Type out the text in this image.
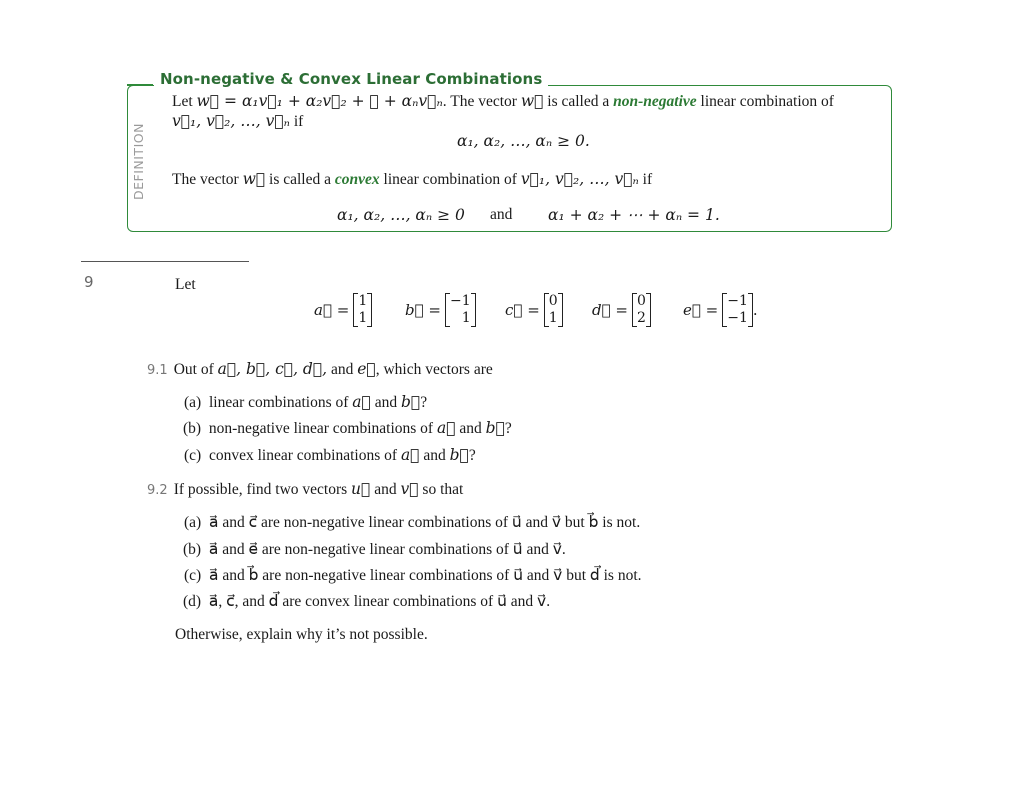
Non-negative & Convex Linear Combinations
DEFINITION
Let w⃗ = α₁v⃗₁ + α₂v⃗₂ + ⋯ + αₙv⃗ₙ. The vector w⃗ is called a non-negative linear combination of
v⃗₁, v⃗₂, …, v⃗ₙ if
α₁, α₂, …, αₙ ≥ 0.
The vector w⃗ is called a convex linear combination of v⃗₁, v⃗₂, …, v⃗ₙ if
α₁, α₂, …, αₙ ≥ 0 and α₁ + α₂ + ⋯ + αₙ = 1.
9	Let
a⃗
= 1
1	b⃗
= −1
1 c⃗
= 0
1 d⃗
= 0
2 e⃗
= −1
−1 .
9.1 Out of a⃗, b⃗, c⃗, d⃗, and e⃗, which vectors are
(a) linear combinations of a⃗ and b⃗?
(b) non-negative linear combinations of a⃗ and b⃗?
(c) convex linear combinations of a⃗ and b⃗?
9.2 If possible, find two vectors u⃗ and v⃗ so that
(a) a⃗ and c⃗ are non-negative linear combinations of u⃗ and v⃗ but b⃗ is not.
(b) a⃗ and e⃗ are non-negative linear combinations of u⃗ and v⃗.
(c) a⃗ and b⃗ are non-negative linear combinations of u⃗ and v⃗ but d⃗ is not.
(d) a⃗, c⃗, and d⃗ are convex linear combinations of u⃗ and v⃗.
Otherwise, explain why it’s not possible.
